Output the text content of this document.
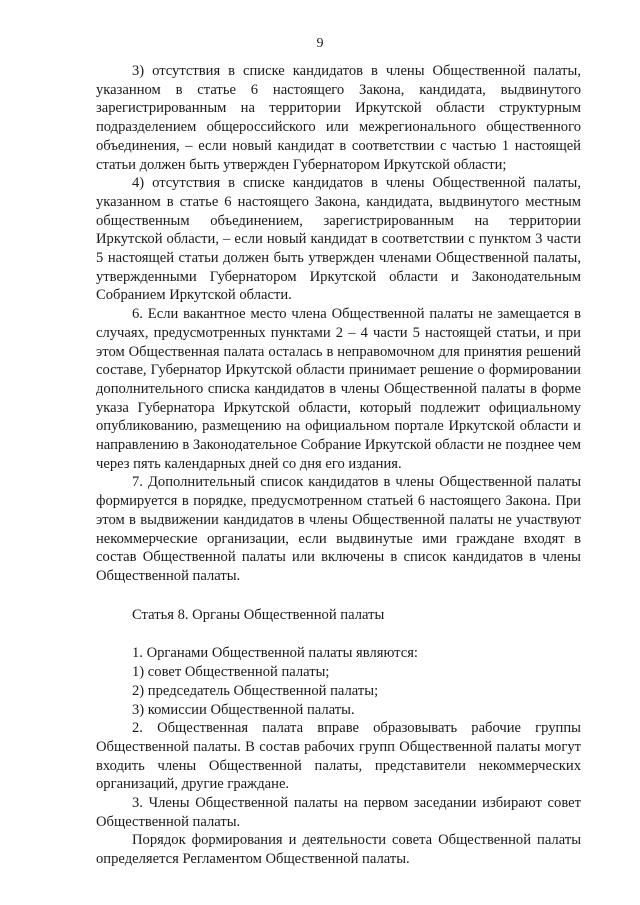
9

3) отсутствия в списке кандидатов в члены Общественной палаты, указанном в статье 6 настоящего Закона, кандидата, выдвинутого зарегистрированным на территории Иркутской области структурным подразделением общероссийского или межрегионального общественного объединения, – если новый кандидат в соответствии с частью 1 настоящей статьи должен быть утвержден Губернатором Иркутской области;

4) отсутствия в списке кандидатов в члены Общественной палаты, указанном в статье 6 настоящего Закона, кандидата, выдвинутого местным общественным объединением, зарегистрированным на территории Иркутской области, – если новый кандидат в соответствии с пунктом 3 части 5 настоящей статьи должен быть утвержден членами Общественной палаты, утвержденными Губернатором Иркутской области и Законодательным Собранием Иркутской области.

6. Если вакантное место члена Общественной палаты не замещается в случаях, предусмотренных пунктами 2 – 4 части 5 настоящей статьи, и при этом Общественная палата осталась в неправомочном для принятия решений составе, Губернатор Иркутской области принимает решение о формировании дополнительного списка кандидатов в члены Общественной палаты в форме указа Губернатора Иркутской области, который подлежит официальному опубликованию, размещению на официальном портале Иркутской области и направлению в Законодательное Собрание Иркутской области не позднее чем через пять календарных дней со дня его издания.

7. Дополнительный список кандидатов в члены Общественной палаты формируется в порядке, предусмотренном статьей 6 настоящего Закона. При этом в выдвижении кандидатов в члены Общественной палаты не участвуют некоммерческие организации, если выдвинутые ими граждане входят в состав Общественной палаты или включены в список кандидатов в члены Общественной палаты.

Статья 8. Органы Общественной палаты

1. Органами Общественной палаты являются:

1) совет Общественной палаты;

2) председатель Общественной палаты;

3) комиссии Общественной палаты.

2. Общественная палата вправе образовывать рабочие группы Общественной палаты. В состав рабочих групп Общественной палаты могут входить члены Общественной палаты, представители некоммерческих организаций, другие граждане.

3. Члены Общественной палаты на первом заседании избирают совет Общественной палаты.

Порядок формирования и деятельности совета Общественной палаты определяется Регламентом Общественной палаты.
